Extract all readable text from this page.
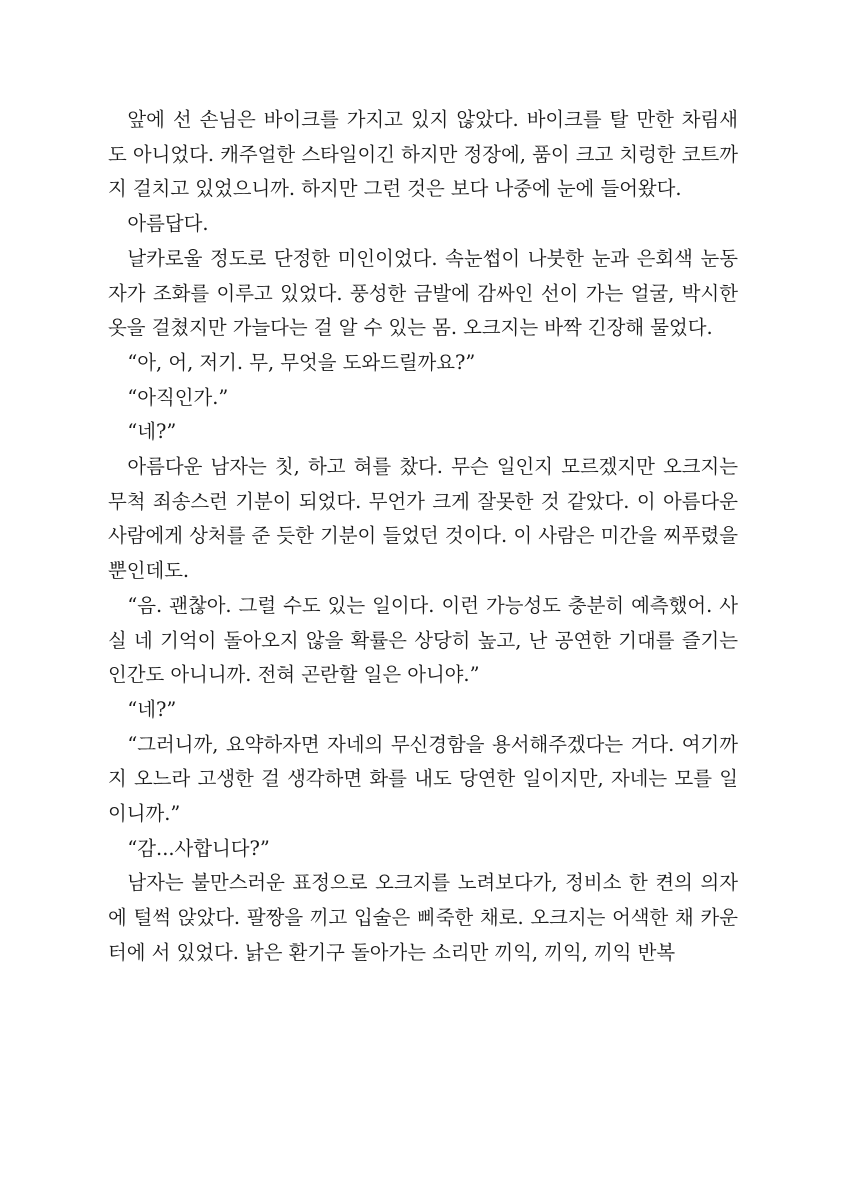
앞에 선 손님은 바이크를 가지고 있지 않았다. 바이크를 탈 만한 차림새도 아니었다. 캐주얼한 스타일이긴 하지만 정장에, 품이 크고 치렁한 코트까지 걸치고 있었으니까. 하지만 그런 것은 보다 나중에 눈에 들어왔다.

아름답다.

날카로울 정도로 단정한 미인이었다. 속눈썹이 나붓한 눈과 은회색 눈동자가 조화를 이루고 있었다. 풍성한 금발에 감싸인 선이 가는 얼굴, 박시한 옷을 걸쳤지만 가늘다는 걸 알 수 있는 몸. 오크지는 바짝 긴장해 물었다.

“아, 어, 저기. 무, 무엇을 도와드릴까요?”

“아직인가.”

“네?”

아름다운 남자는 칫, 하고 혀를 찼다. 무슨 일인지 모르겠지만 오크지는 무척 죄송스런 기분이 되었다. 무언가 크게 잘못한 것 같았다. 이 아름다운 사람에게 상처를 준 듯한 기분이 들었던 것이다. 이 사람은 미간을 찌푸렸을 뿐인데도.

“음. 괜찮아. 그럴 수도 있는 일이다. 이런 가능성도 충분히 예측했어. 사실 네 기억이 돌아오지 않을 확률은 상당히 높고, 난 공연한 기대를 즐기는 인간도 아니니까. 전혀 곤란할 일은 아니야.”

“네?”

“그러니까, 요약하자면 자네의 무신경함을 용서해주겠다는 거다. 여기까지 오느라 고생한 걸 생각하면 화를 내도 당연한 일이지만, 자네는 모를 일이니까.”

“감...사합니다?”

남자는 불만스러운 표정으로 오크지를 노려보다가, 정비소 한 켠의 의자에 털썩 앉았다. 팔짱을 끼고 입술은 삐죽한 채로. 오크지는 어색한 채 카운터에 서 있었다. 낡은 환기구 돌아가는 소리만 끼익, 끼익, 끼익 반복
